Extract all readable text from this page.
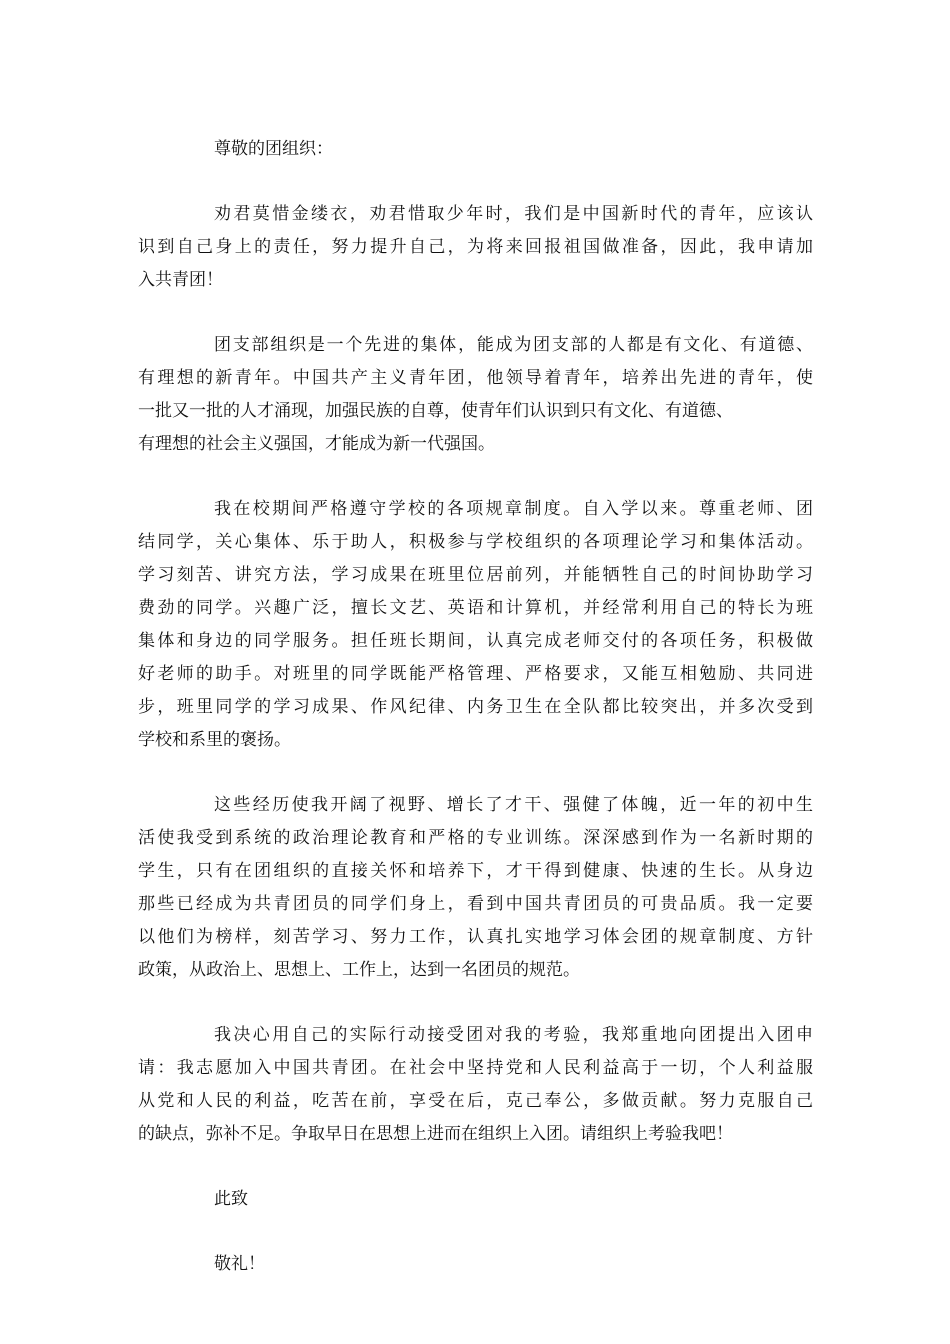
尊敬的团组织：
劝君莫惜金缕衣，劝君惜取少年时，我们是中国新时代的青年，应该认
识到自己身上的责任，努力提升自己，为将来回报祖国做准备，因此，我申请加
入共青团！
团支部组织是一个先进的集体，能成为团支部的人都是有文化、有道德、
有理想的新青年。中国共产主义青年团，他领导着青年，培养出先进的青年，使
一批又一批的人才涌现，加强民族的自尊，使青年们认识到只有文化、有道德、
有理想的社会主义强国，才能成为新一代强国。
我在校期间严格遵守学校的各项规章制度。自入学以来。尊重老师、团
结同学，关心集体、乐于助人，积极参与学校组织的各项理论学习和集体活动。
学习刻苦、讲究方法，学习成果在班里位居前列，并能牺牲自己的时间协助学习
费劲的同学。兴趣广泛，擅长文艺、英语和计算机，并经常利用自己的特长为班
集体和身边的同学服务。担任班长期间，认真完成老师交付的各项任务，积极做
好老师的助手。对班里的同学既能严格管理、严格要求，又能互相勉励、共同进
步，班里同学的学习成果、作风纪律、内务卫生在全队都比较突出，并多次受到
学校和系里的褒扬。
这些经历使我开阔了视野、增长了才干、强健了体魄，近一年的初中生
活使我受到系统的政治理论教育和严格的专业训练。深深感到作为一名新时期的
学生，只有在团组织的直接关怀和培养下，才干得到健康、快速的生长。从身边
那些已经成为共青团员的同学们身上，看到中国共青团员的可贵品质。我一定要
以他们为榜样，刻苦学习、努力工作，认真扎实地学习体会团的规章制度、方针
政策，从政治上、思想上、工作上，达到一名团员的规范。
我决心用自己的实际行动接受团对我的考验，我郑重地向团提出入团申
请：我志愿加入中国共青团。在社会中坚持党和人民利益高于一切，个人利益服
从党和人民的利益，吃苦在前，享受在后，克己奉公，多做贡献。努力克服自己
的缺点，弥补不足。争取早日在思想上进而在组织上入团。请组织上考验我吧！
此致
敬礼！
